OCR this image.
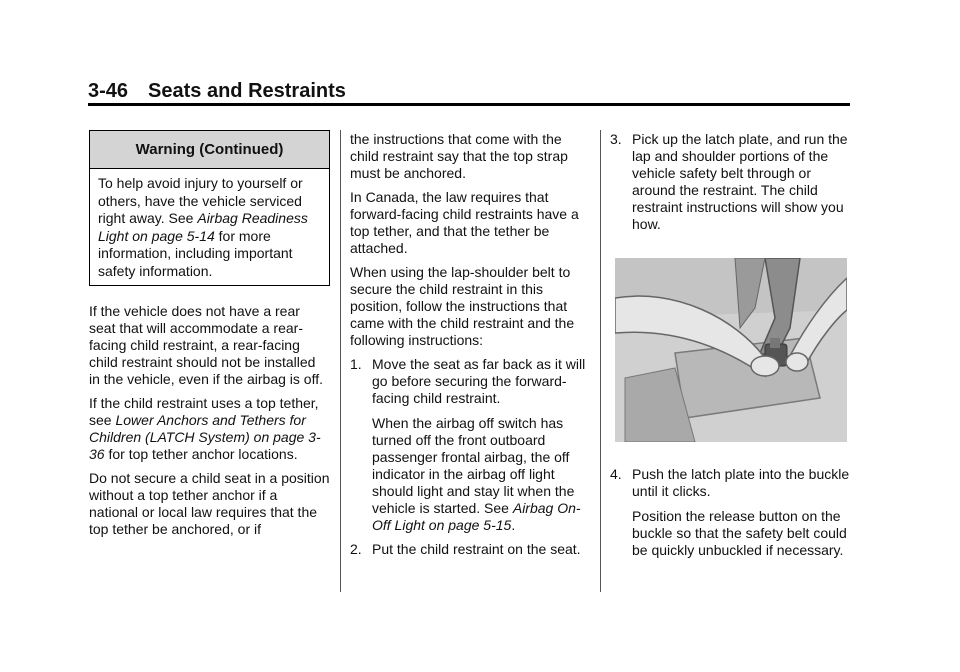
3-46 Seats and Restraints
Warning (Continued)
To help avoid injury to yourself or others, have the vehicle serviced right away. See Airbag Readiness Light on page 5-14 for more information, including important safety information.

If the vehicle does not have a rear seat that will accommodate a rear-facing child restraint, a rear-facing child restraint should not be installed in the vehicle, even if the airbag is off.

If the child restraint uses a top tether, see Lower Anchors and Tethers for Children (LATCH System) on page 3-36 for top tether anchor locations.

Do not secure a child seat in a position without a top tether anchor if a national or local law requires that the top tether be anchored, or if

the instructions that come with the child restraint say that the top strap must be anchored.

In Canada, the law requires that forward-facing child restraints have a top tether, and that the tether be attached.

When using the lap-shoulder belt to secure the child restraint in this position, follow the instructions that came with the child restraint and the following instructions:

1. Move the seat as far back as it will go before securing the forward-facing child restraint.
When the airbag off switch has turned off the front outboard passenger frontal airbag, the off indicator in the airbag off light should light and stay lit when the vehicle is started. See Airbag On-Off Light on page 5-15.
2. Put the child restraint on the seat.
3. Pick up the latch plate, and run the lap and shoulder portions of the vehicle safety belt through or around the restraint. The child restraint instructions will show you how.
4. Push the latch plate into the buckle until it clicks.
Position the release button on the buckle so that the safety belt could be quickly unbuckled if necessary.
